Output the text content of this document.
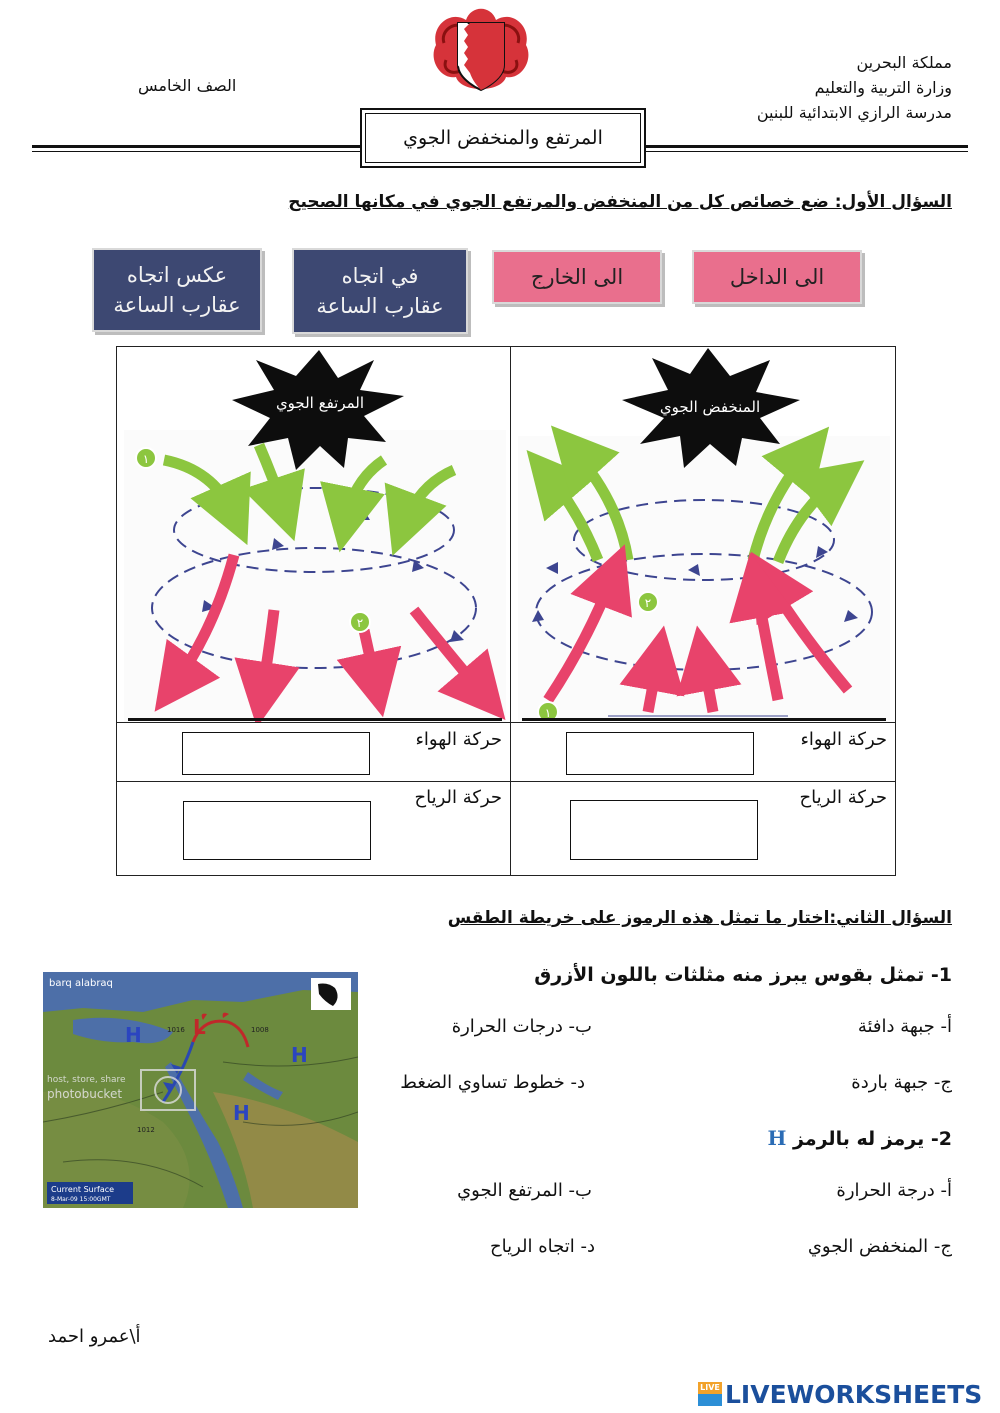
مملكة البحرين
وزارة التربية والتعليم
مدرسة الرازي الابتدائية للبنين
الصف الخامس
المرتفع والمنخفض الجوي
السؤال الأول: ضع خصائص كل من المنخفض والمرتفع الجوي في مكانها الصحيح
الى الداخل
الى الخارج
في اتجاه
عقارب الساعة
عكس اتجاه
عقارب الساعة
١
٢
المرتفع الجوي
٢
١
المنخفض الجوي
حركة الهواء
حركة الهواء
حركة الرياح
حركة الرياح
السؤال الثاني:اختار ما تمثل هذه الرموز على خريطة الطقس
1- تمثل بقوس يبرز منه مثلثات باللون الأزرق
أ- جبهة دافئة
ب- درجات الحرارة
ج- جبهة باردة
د- خطوط تساوي الضغط
2- يرمز له بالرمز H
أ- درجة الحرارة
ب- المرتفع الجوي
ج- المنخفض الجوي
د- اتجاه الرياح
barq alabraq
H
H
H
L
1016	1008
1012
host, store, share
photobucket
Current Surface
8-Mar-09 15:00GMT
أ\عمرو احمد
LIVE LIVEWORKSHEETS
